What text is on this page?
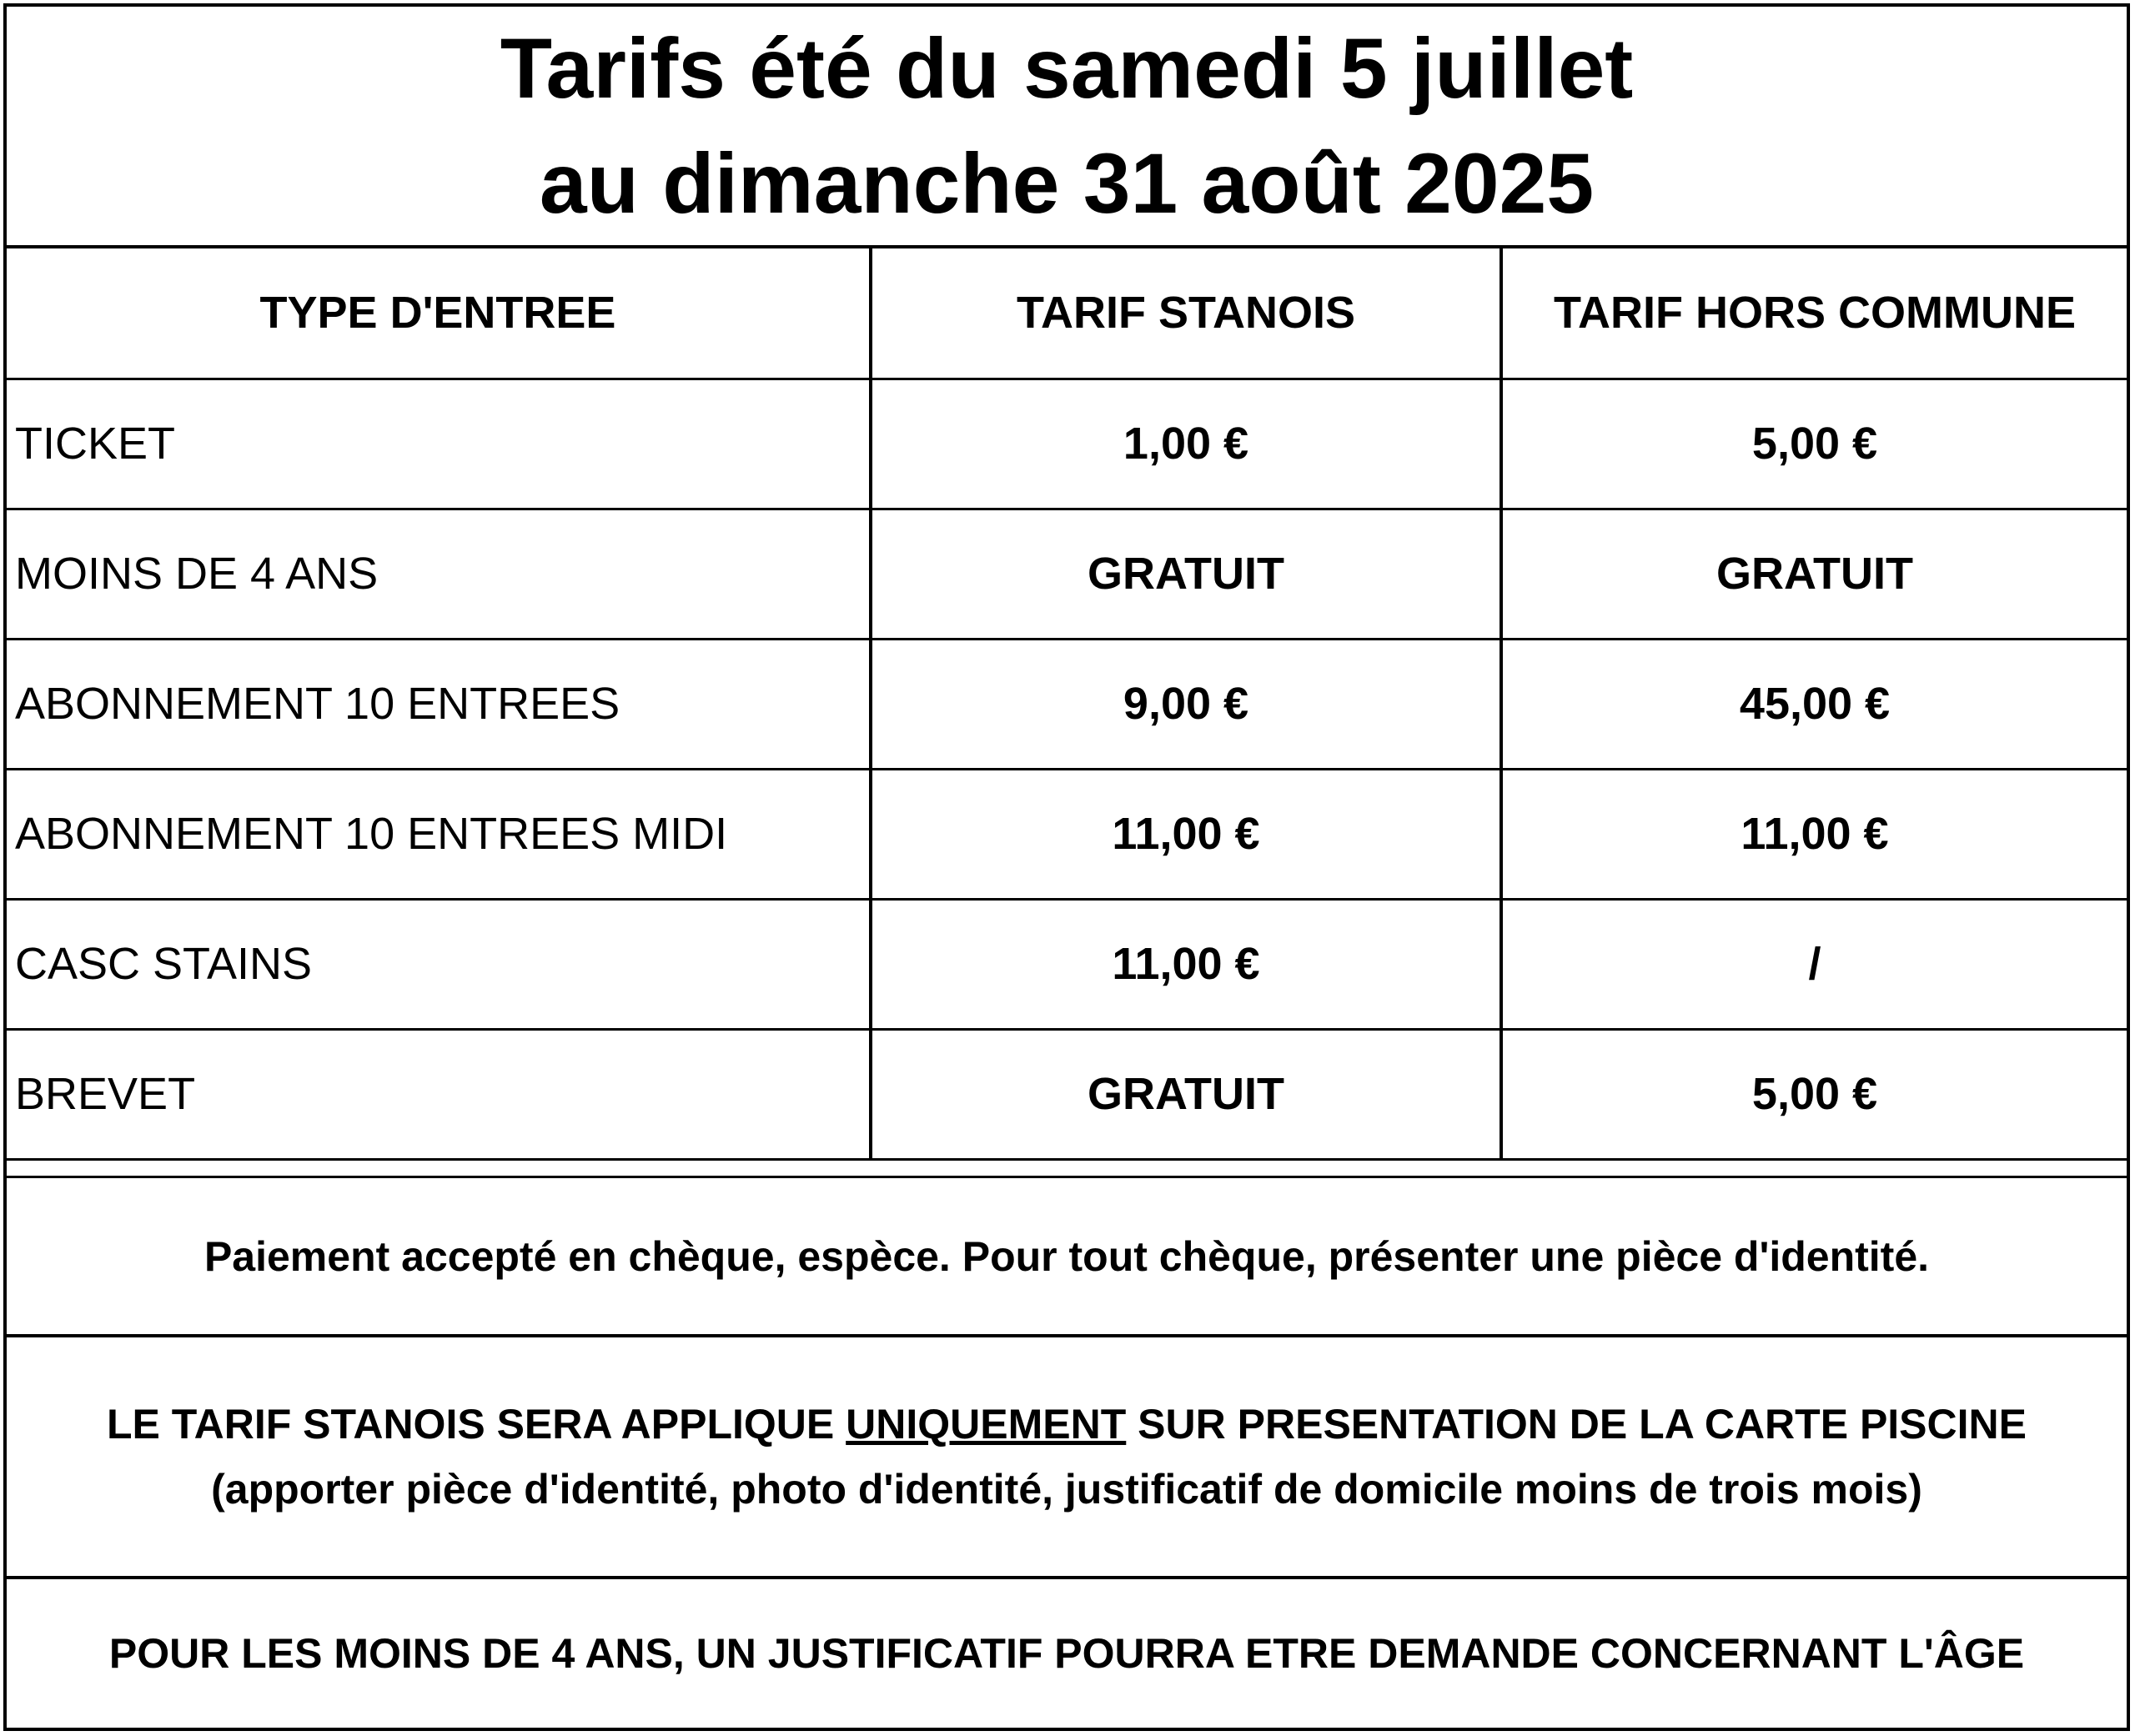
Tarifs été du samedi 5 juillet
au dimanche 31 août 2025
TYPE D'ENTREE	TARIF STANOIS	TARIF HORS COMMUNE
TICKET	1,00 €	5,00 €
MOINS DE 4 ANS	GRATUIT	GRATUIT
ABONNEMENT 10 ENTREES	9,00 €	45,00 €
ABONNEMENT 10 ENTREES MIDI	11,00 €	11,00 €
CASC STAINS	11,00 €	/
BREVET	GRATUIT	5,00 €
Paiement accepté en chèque, espèce. Pour tout chèque, présenter une pièce d'identité.
LE TARIF STANOIS SERA APPLIQUE UNIQUEMENT SUR PRESENTATION DE LA CARTE PISCINE
(apporter pièce d'identité, photo d'identité, justificatif de domicile moins de trois mois)
POUR LES MOINS DE 4 ANS, UN JUSTIFICATIF POURRA ETRE DEMANDE CONCERNANT L'ÂGE
